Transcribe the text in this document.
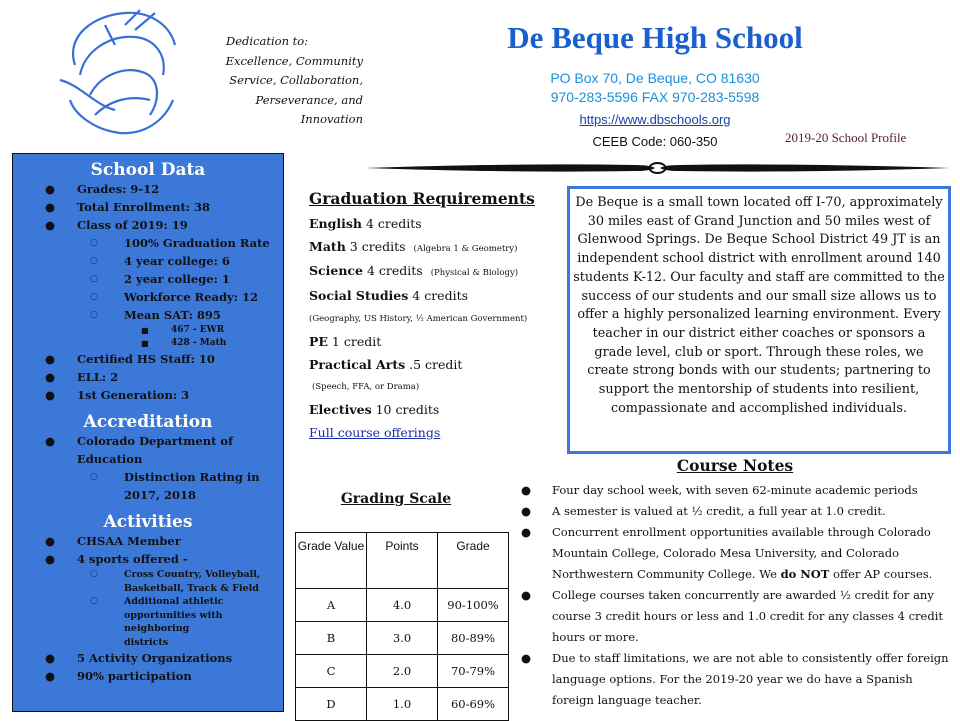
Dedication to:
Excellence, Community
Service, Collaboration,
Perseverance, and
Innovation
De Beque High School
PO Box 70, De Beque, CO 81630
970-283-5596 FAX 970-283-5598
https://www.dbschools.org
CEEB Code: 060-350	2019-20 School Profile
School Data
● Grades: 9-12
● Total Enrollment: 38
● Class of 2019: 19
○ 100% Graduation Rate
○ 4 year college: 6
○ 2 year college: 1
○ Workforce Ready: 12
○ Mean SAT: 895
■ 467 - EWR
■ 428 - Math
● Certified HS Staff: 10
● ELL: 2
● 1st Generation: 3
Accreditation
● Colorado Department of Education
○ Distinction Rating in 2017, 2018
Activities
● CHSAA Member
● 4 sports offered -
○	Cross Country, Volleyball, Basketball, Track & Field
○	Additional athletic opportunities with neighboring districts
● 5 Activity Organizations
● 90% participation
Graduation Requirements
English 4 credits
Math 3 credits (Algebra 1 & Geometry)
Science 4 credits (Physical & Biology)
Social Studies 4 credits
(Geography, US History, ½ American Government)
PE 1 credit
Practical Arts .5 credit
(Speech, FFA, or Drama)
Electives 10 credits
Full course offerings
De Beque is a small town located off I-70, approximately 30 miles east of Grand Junction and 50 miles west of Glenwood Springs. De Beque School District 49 JT is an independent school district with enrollment around 140 students K-12. Our faculty and staff are committed to the success of our students and our small size allows us to offer a highly personalized learning environment. Every teacher in our district either coaches or sponsors a grade level, club or sport. Through these roles, we create strong bonds with our students; partnering to support the mentorship of students into resilient, compassionate and accomplished individuals.
Grading Scale
Grade Value	Points	Grade
A	4.0	90-100%
B	3.0	80-89%
C	2.0	70-79%
D	1.0	60-69%
Course Notes
● Four day school week, with seven 62-minute academic periods
● A semester is valued at ½ credit, a full year at 1.0 credit.
● Concurrent enrollment opportunities available through Colorado Mountain College, Colorado Mesa University, and Colorado Northwestern Community College. We do NOT offer AP courses.
● College courses taken concurrently are awarded ½ credit for any course 3 credit hours or less and 1.0 credit for any classes 4 credit hours or more.
● Due to staff limitations, we are not able to consistently offer foreign language options. For the 2019-20 year we do have a Spanish foreign language teacher.
